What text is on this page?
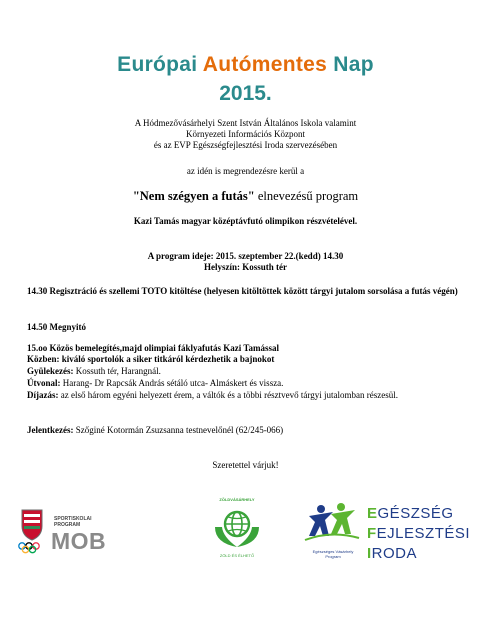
Európai Autómentes Nap
2015.
A Hódmezővásárhelyi Szent István Általános Iskola valamint
Környezeti Információs Központ
és az EVP Egészségfejlesztési Iroda szervezésében
az idén is megrendezésre kerül a
"Nem szégyen a futás" elnevezésű program
Kazi Tamás magyar középtávfutó olimpikon részvételével.
A program ideje: 2015. szeptember 22.(kedd) 14.30
Helyszín: Kossuth tér
14.30 Regisztráció és szellemi TOTO kitöltése (helyesen kitöltöttek között tárgyi jutalom sorsolása a futás végén)
14.50 Megnyitó
15.oo Közös bemelegítés,majd olimpiai fáklyafutás Kazi Tamással
Közben: kiváló sportolók a siker titkáról kérdezhetik a bajnokot
Gyülekezés: Kossuth tér, Harangnál.
Útvonal: Harang- Dr Rapcsák András sétáló utca- Almáskert és vissza.
Díjazás: az első három egyéni helyezett érem, a váltók és a többi résztvevő tárgyi jutalomban részesül.
Jelentkezés: Szőginé Kotormán Zsuzsanna testnevelőnél (62/245-066)
Szeretettel várjuk!
SPORTISKOLAI PROGRAM
MOB
ZÖLDVÁSÁRHELY
ZÖLD ÉS ÉLHETŐ
Egészséges Vásárhely
Program
EGÉSZSÉG
FEJLESZTÉSI
IRODA
